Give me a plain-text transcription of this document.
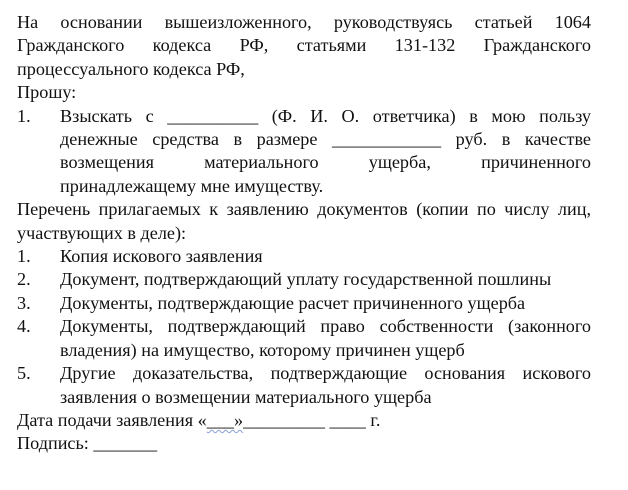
На основании вышеизложенного, руководствуясь статьей 1064 Гражданского кодекса РФ, статьями 131-132 Гражданского процессуального кодекса РФ,

Прошу:

1.	Взыскать с __________ (Ф. И. О. ответчика) в мою пользу денежные средства в размере ____________ руб. в качестве возмещения материального ущерба, причиненного принадлежащему мне имуществу.

Перечень прилагаемых к заявлению документов (копии по числу лиц, участвующих в деле):

1.	Копия искового заявления
2.	Документ, подтверждающий уплату государственной пошлины
3.	Документы, подтверждающие расчет причиненного ущерба
4.	Документы, подтверждающий право собственности (законного владения) на имущество, которому причинен ущерб
5.	Другие доказательства, подтверждающие основания искового заявления о возмещении материального ущерба

Дата подачи заявления «___»_________ ____ г.

Подпись: _______
